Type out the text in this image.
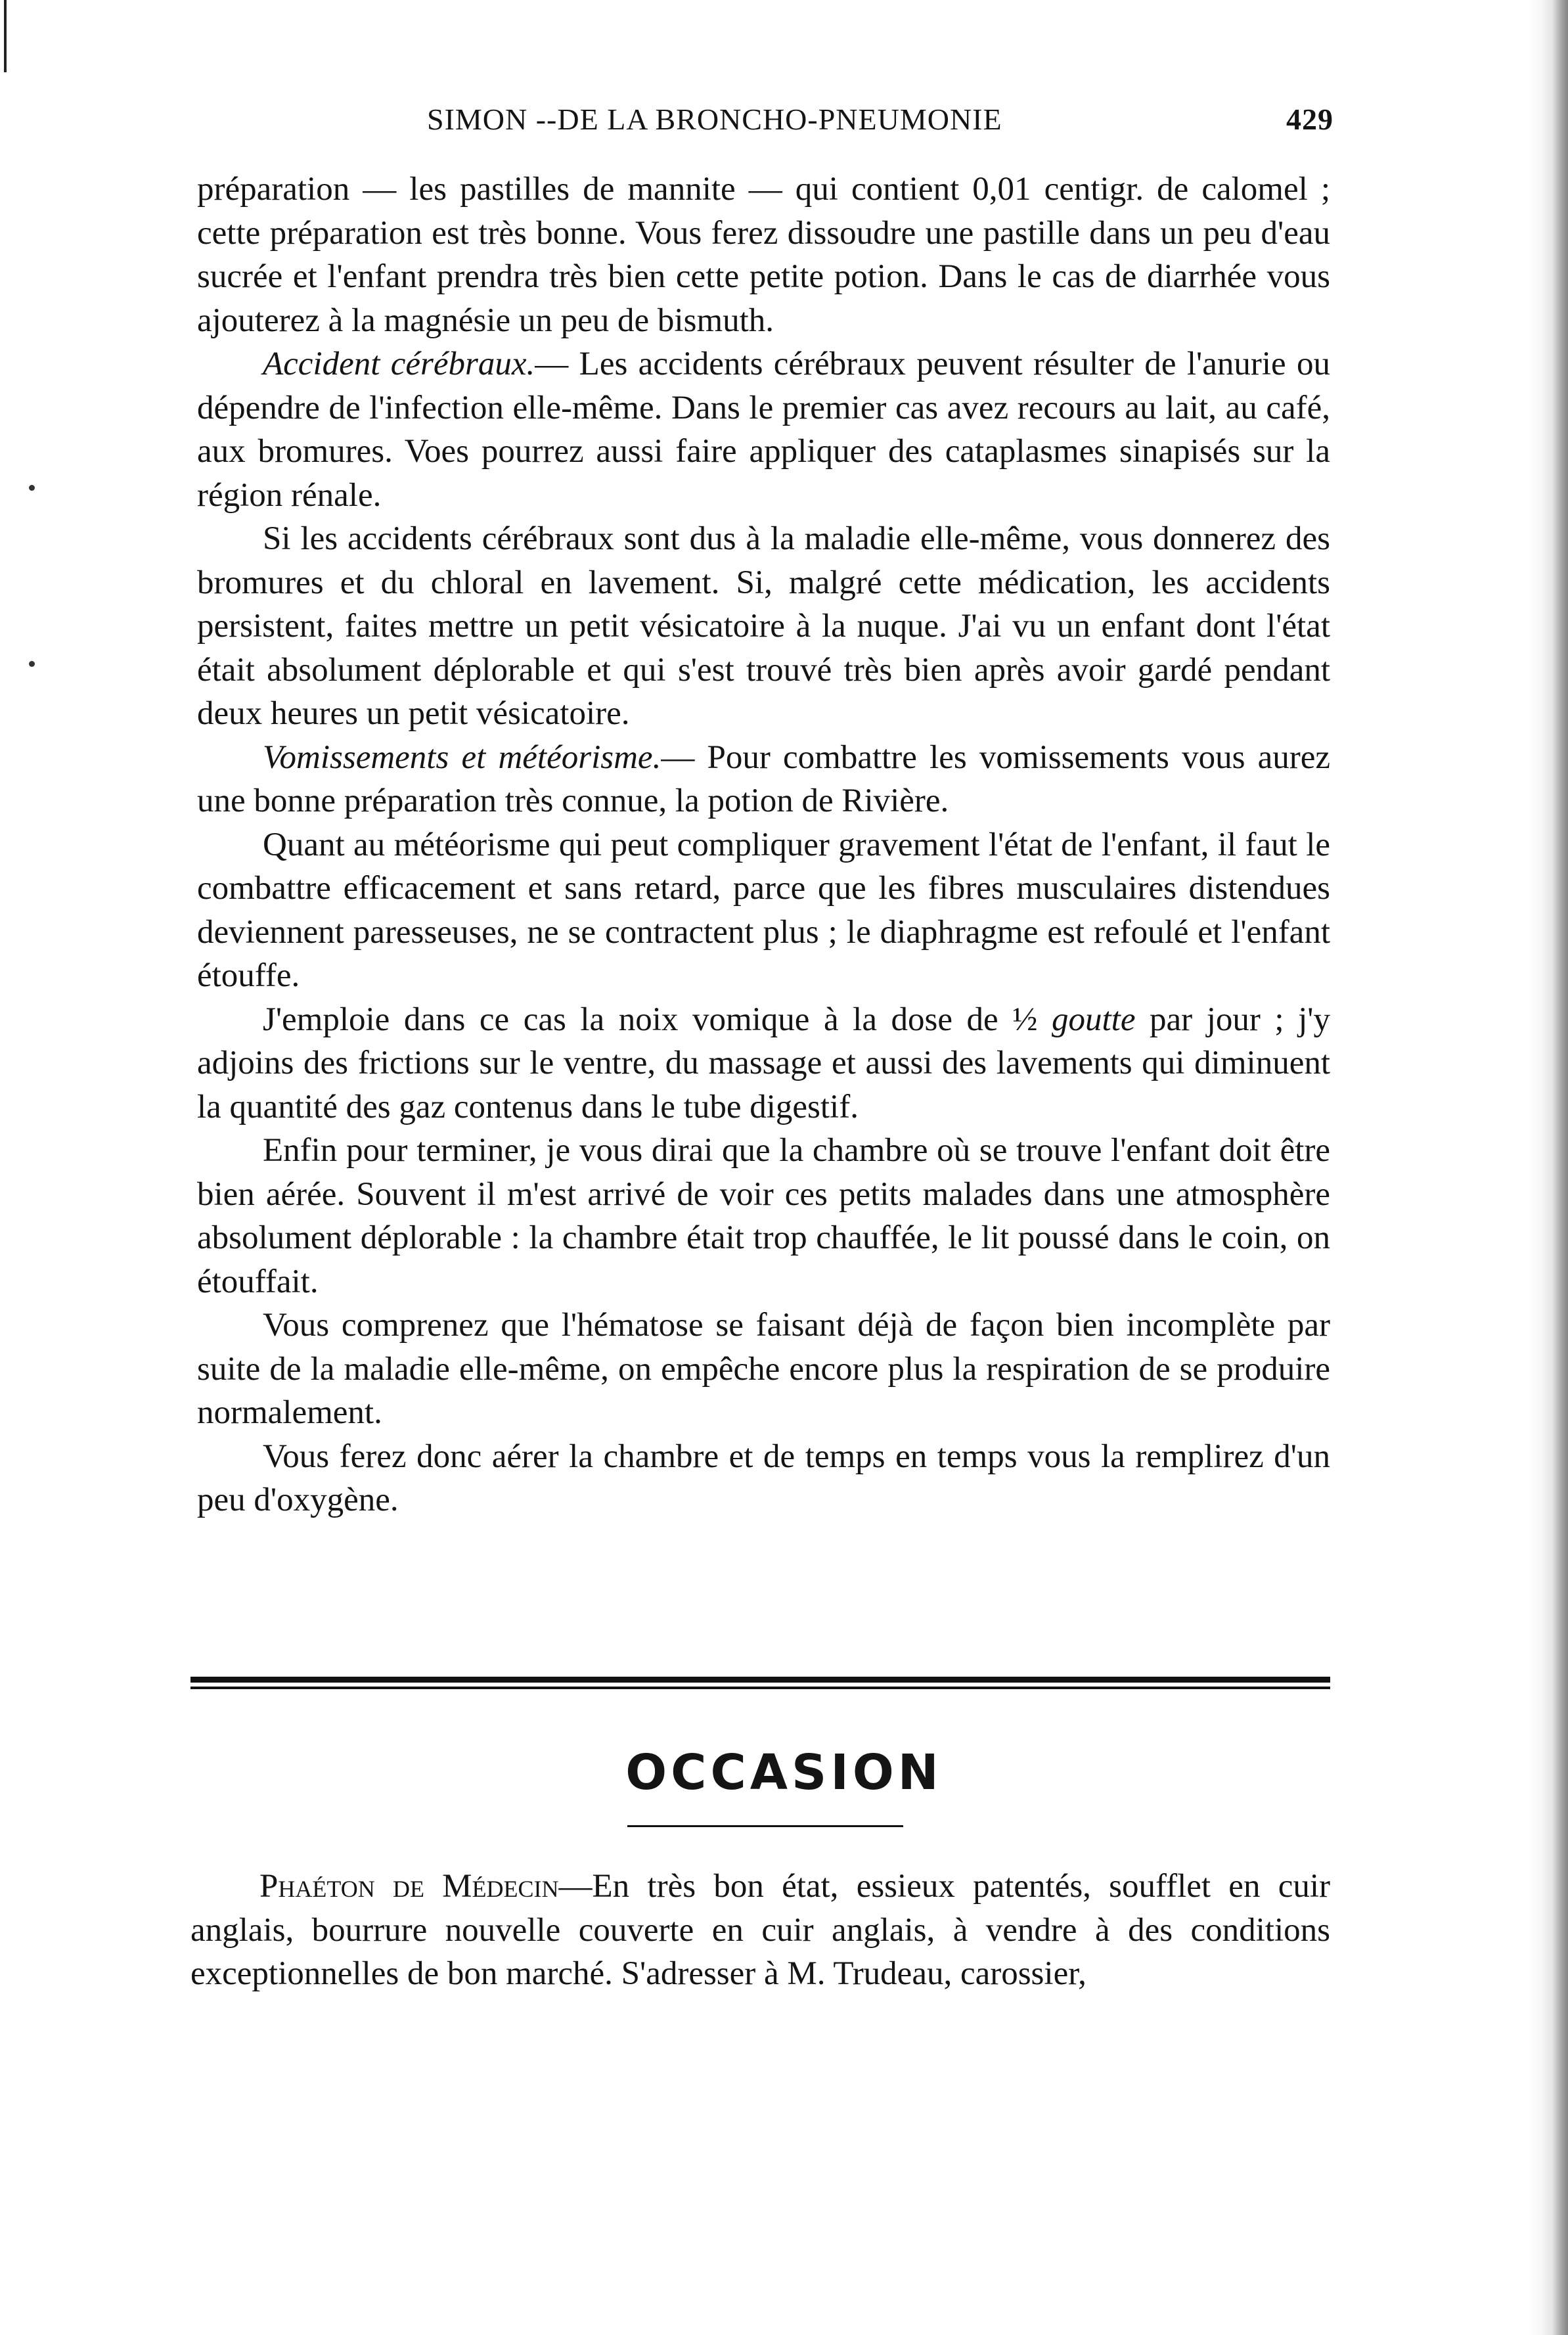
SIMON --DE LA BRONCHO-PNEUMONIE	429

préparation — les pastilles de mannite — qui contient 0,01 centigr. de calomel ; cette préparation est très bonne. Vous ferez dissoudre une pastille dans un peu d'eau sucrée et l'enfant prendra très bien cette petite potion. Dans le cas de diarrhée vous ajouterez à la magnésie un peu de bismuth.

Accident cérébraux.— Les accidents cérébraux peuvent résulter de l'anurie ou dépendre de l'infection elle-même. Dans le premier cas avez recours au lait, au café, aux bromures. Voes pourrez aussi faire appliquer des cataplasmes sinapisés sur la région rénale.

Si les accidents cérébraux sont dus à la maladie elle-même, vous donnerez des bromures et du chloral en lavement. Si, malgré cette médication, les accidents persistent, faites mettre un petit vésicatoire à la nuque. J'ai vu un enfant dont l'état était absolument déplorable et qui s'est trouvé très bien après avoir gardé pendant deux heures un petit vésicatoire.

Vomissements et météorisme.— Pour combattre les vomissements vous aurez une bonne préparation très connue, la potion de Rivière.

Quant au météorisme qui peut compliquer gravement l'état de l'enfant, il faut le combattre efficacement et sans retard, parce que les fibres musculaires distendues deviennent paresseuses, ne se contractent plus ; le diaphragme est refoulé et l'enfant étouffe.

J'emploie dans ce cas la noix vomique à la dose de ½ goutte par jour ; j'y adjoins des frictions sur le ventre, du massage et aussi des lavements qui diminuent la quantité des gaz contenus dans le tube digestif.

Enfin pour terminer, je vous dirai que la chambre où se trouve l'enfant doit être bien aérée. Souvent il m'est arrivé de voir ces petits malades dans une atmosphère absolument déplorable : la chambre était trop chauffée, le lit poussé dans le coin, on étouffait.

Vous comprenez que l'hématose se faisant déjà de façon bien incomplète par suite de la maladie elle-même, on empêche encore plus la respiration de se produire normalement.

Vous ferez donc aérer la chambre et de temps en temps vous la remplirez d'un peu d'oxygène.

OCCASION

Phaéton de Médecin—En très bon état, essieux patentés, soufflet en cuir anglais, bourrure nouvelle couverte en cuir anglais, à vendre à des conditions exceptionnelles de bon marché. S'adresser à M. Trudeau, carossier,
